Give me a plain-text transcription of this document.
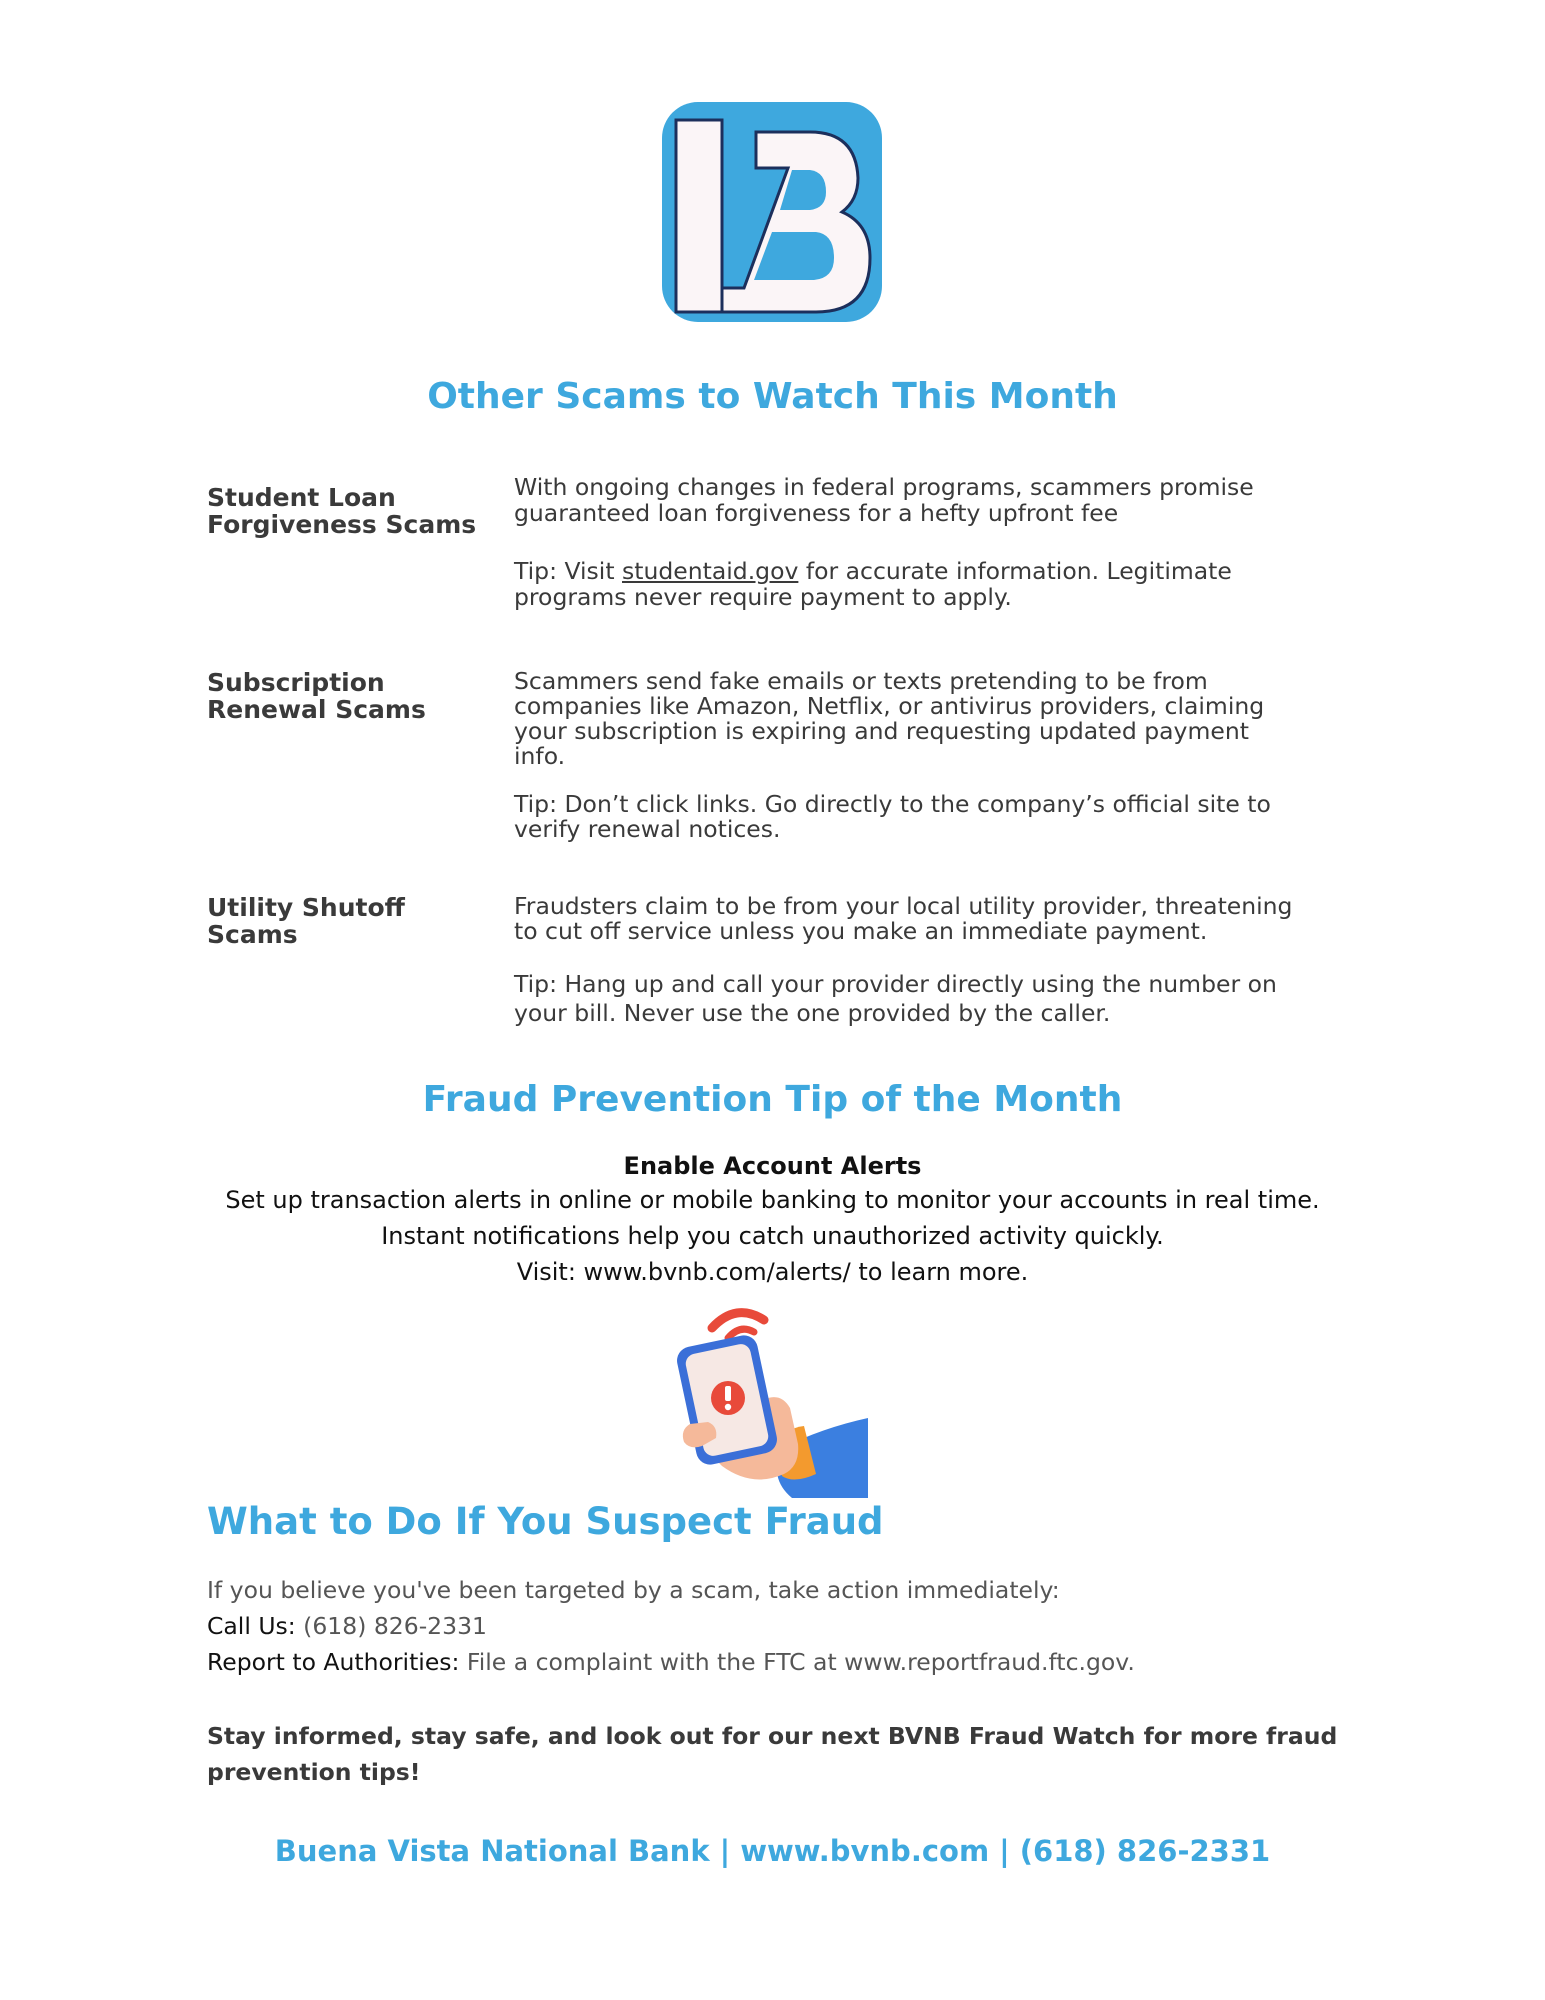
Other Scams to Watch This Month
Student Loan
Forgiveness Scams

With ongoing changes in federal programs, scammers promise

guaranteed loan forgiveness for a hefty upfront fee

Tip: Visit studentaid.gov for accurate information. Legitimate

programs never require payment to apply.

Subscription
Renewal Scams

Scammers send fake emails or texts pretending to be from

companies like Amazon, Netflix, or antivirus providers, claiming

your subscription is expiring and requesting updated payment

info.

Tip: Don’t click links. Go directly to the company’s official site to

verify renewal notices.

Utility Shutoff
Scams

Fraudsters claim to be from your local utility provider, threatening

to cut off service unless you make an immediate payment.

Tip: Hang up and call your provider directly using the number on

your bill. Never use the one provided by the caller.

Fraud Prevention Tip of the Month
Enable Account Alerts
Set up transaction alerts in online or mobile banking to monitor your accounts in real time.
Instant notifications help you catch unauthorized activity quickly.
Visit: www.bvnb.com/alerts/ to learn more.
What to Do If You Suspect Fraud
If you believe you've been targeted by a scam, take action immediately:
Call Us: (618) 826-2331
Report to Authorities: File a complaint with the FTC at www.reportfraud.ftc.gov.
Stay informed, stay safe, and look out for our next BVNB Fraud Watch for more fraud
prevention tips!
Buena Vista National Bank | www.bvnb.com | (618) 826-2331
